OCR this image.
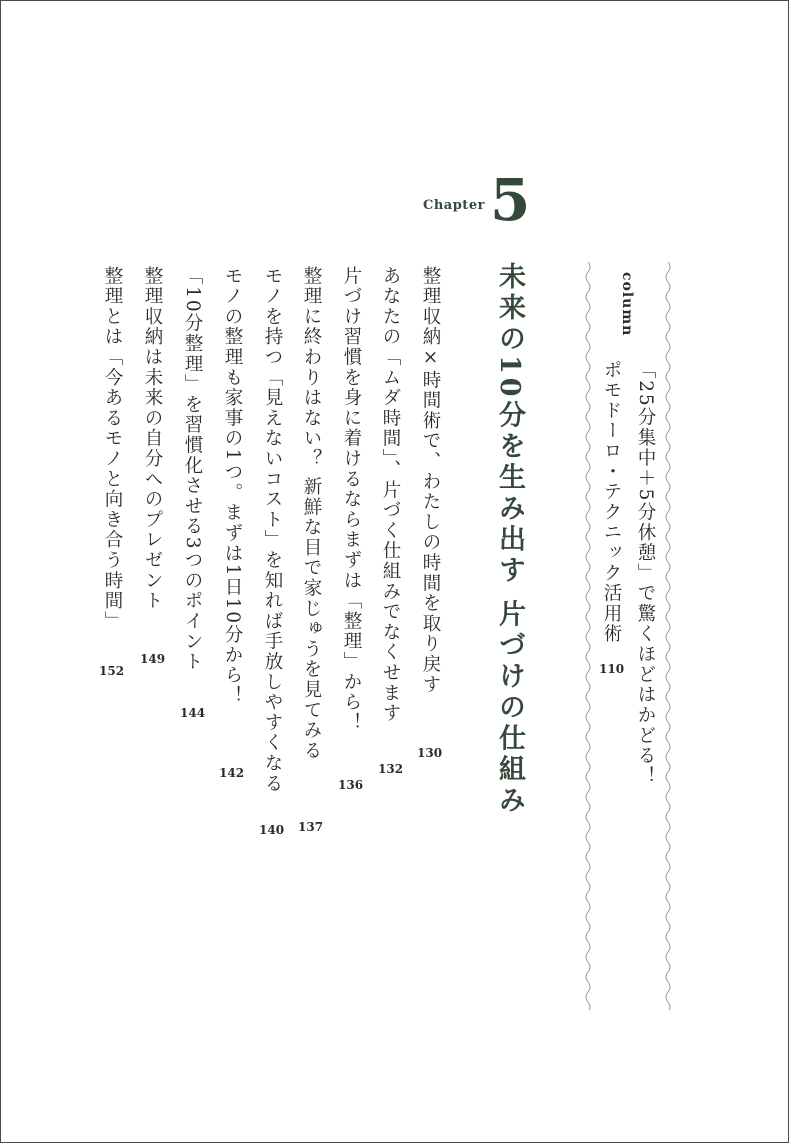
Chapter 5
column
「25分集中＋5分休憩」で驚くほどはかどる！
ポモドーロ・テクニック活用術
110
未来の10分を生み出す 片づけの仕組み
整理収納×時間術で、わたしの時間を取り戻す
130
あなたの「ムダ時間」、片づく仕組みでなくせます
132
片づけ習慣を身に着けるならまずは「整理」から！
136
整理に終わりはない？ 新鮮な目で家じゅうを見てみる
137
モノを持つ「見えないコスト」を知れば手放しやすくなる
140
モノの整理も家事の1つ。まずは1日10分から！
142
「10分整理」を習慣化させる3つのポイント
144
整理収納は未来の自分へのプレゼント
149
整理とは「今あるモノと向き合う時間」
152
